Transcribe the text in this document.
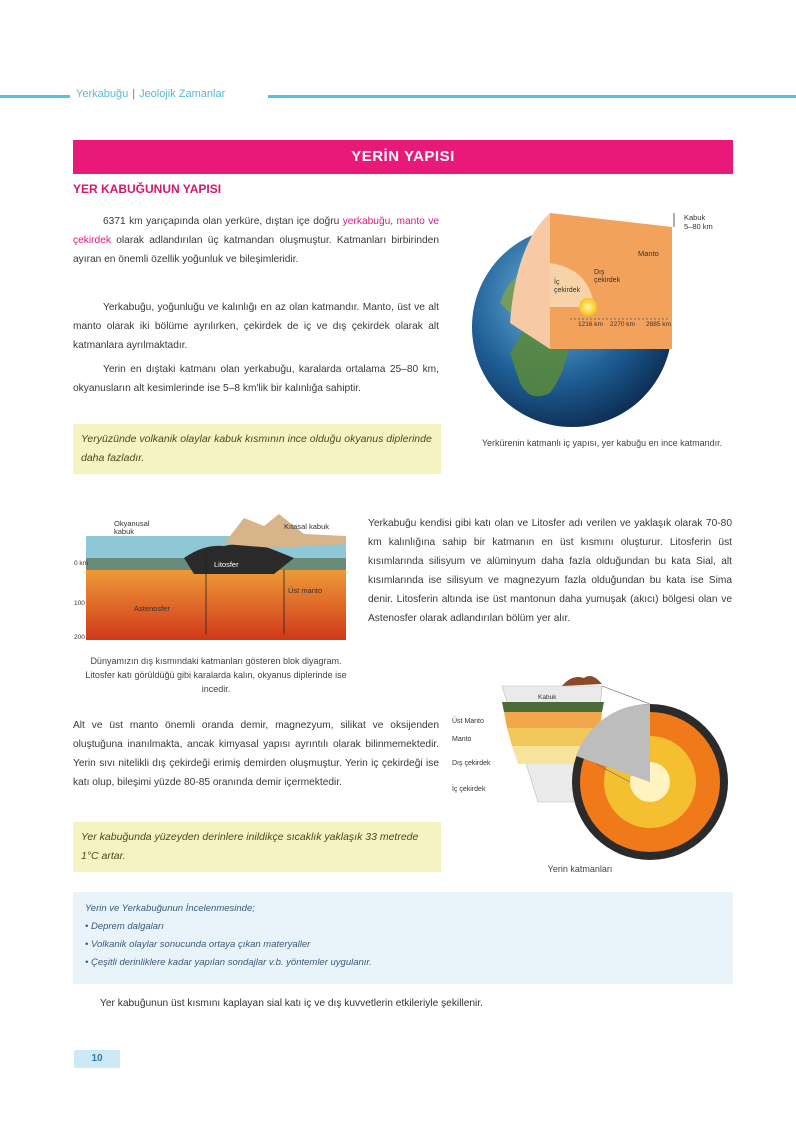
Yerkabuğu | Jeolojik Zamanlar
YERİN YAPISI
YER KABUĞUNUN YAPISI
6371 km yarıçapında olan yerküre, dıştan içe doğru yerkabuğu, manto ve çekirdek olarak adlandırılan üç katmandan oluşmuştur. Katmanları birbirinden ayıran en önemli özellik yoğunluk ve bileşimleridir.
Yerkabuğu, yoğunluğu ve kalınlığı en az olan katmandır. Manto, üst ve alt manto olarak iki bölüme ayrılırken, çekirdek de iç ve dış çekirdek olarak alt katmanlara ayrılmaktadır.
Yerin en dıştaki katmanı olan yerkabuğu, karalarda ortalama 25–80 km, okyanusların alt kesimlerinde ise 5–8 km'lik bir kalınlığa sahiptir.
Yeryüzünde volkanik olaylar kabuk kısmının ince olduğu okyanus diplerinde daha fazladır.
Kabuk
5–80 km
Manto
Dış çekirdek
İç çekirdek
1216 km 2270 km 2885 km
Yerkürenin katmanlı iç yapısı, yer kabuğu en ince katmandır.
Okyanusal kabuk
Kıtasal kabuk
Litosfer
Üst manto
Astenosfer
0 km
100
200
Dünyamızın dış kısmındaki katmanları gösteren blok diyagram. Litosfer katı görüldüğü gibi karalarda kalın, okyanus diplerinde ise incedir.
Yerkabuğu kendisi gibi katı olan ve Litosfer adı verilen ve yaklaşık olarak 70-80 km kalınlığına sahip bir katmanın en üst kısmını oluşturur. Litosferin üst kısımlarında silisyum ve alüminyum daha fazla olduğundan bu kata Sial, alt kısımlarında ise silisyum ve magnezyum fazla olduğundan bu kata ise Sima denir. Litosferin altında ise üst mantonun daha yumuşak (akıcı) bölgesi olan ve Astenosfer olarak adlandırılan bölüm yer alır.
Alt ve üst manto önemli oranda demir, magnezyum, silikat ve oksijenden oluştuğuna inanılmakta, ancak kimyasal yapısı ayrıntılı olarak bilinmemektedir. Yerin sıvı nitelikli dış çekirdeği erimiş demirden oluşmuştur. Yerin iç çekirdeği ise katı olup, bileşimi yüzde 80-85 oranında demir içermektedir.
Yer kabuğunda yüzeyden derinlere inildikçe sıcaklık yaklaşık 33 metrede 1°C artar.
Kabuk
Üst Manto
Manto
Dış çekirdek
İç çekirdek
Yerin katmanları
Yerin ve Yerkabuğunun İncelenmesinde;
• Deprem dalgaları
• Volkanik olaylar sonucunda ortaya çıkan materyaller
• Çeşitli derinliklere kadar yapılan sondajlar v.b. yöntemler uygulanır.
Yer kabuğunun üst kısmını kaplayan sial katı iç ve dış kuvvetlerin etkileriyle şekillenir.
10
